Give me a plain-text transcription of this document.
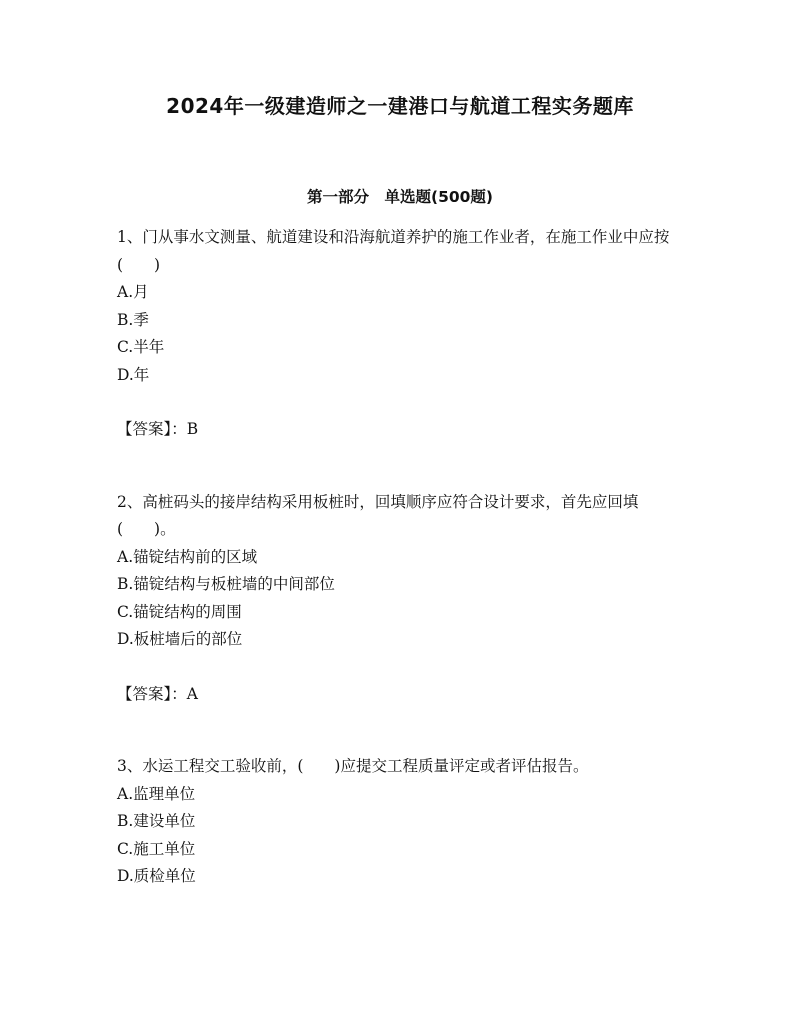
2024年一级建造师之一建港口与航道工程实务题库
第一部分　单选题(500题)

1、门从事水文测量、航道建设和沿海航道养护的施工作业者，在施工作业中应按(　　)

A.月
B.季
C.半年
D.年

【答案】：B

2、高桩码头的接岸结构采用板桩时，回填顺序应符合设计要求，首先应回填(　　)。

A.锚锭结构前的区域
B.锚锭结构与板桩墙的中间部位
C.锚锭结构的周围
D.板桩墙后的部位

【答案】：A

3、水运工程交工验收前，(　　)应提交工程质量评定或者评估报告。

A.监理单位
B.建设单位
C.施工单位
D.质检单位
